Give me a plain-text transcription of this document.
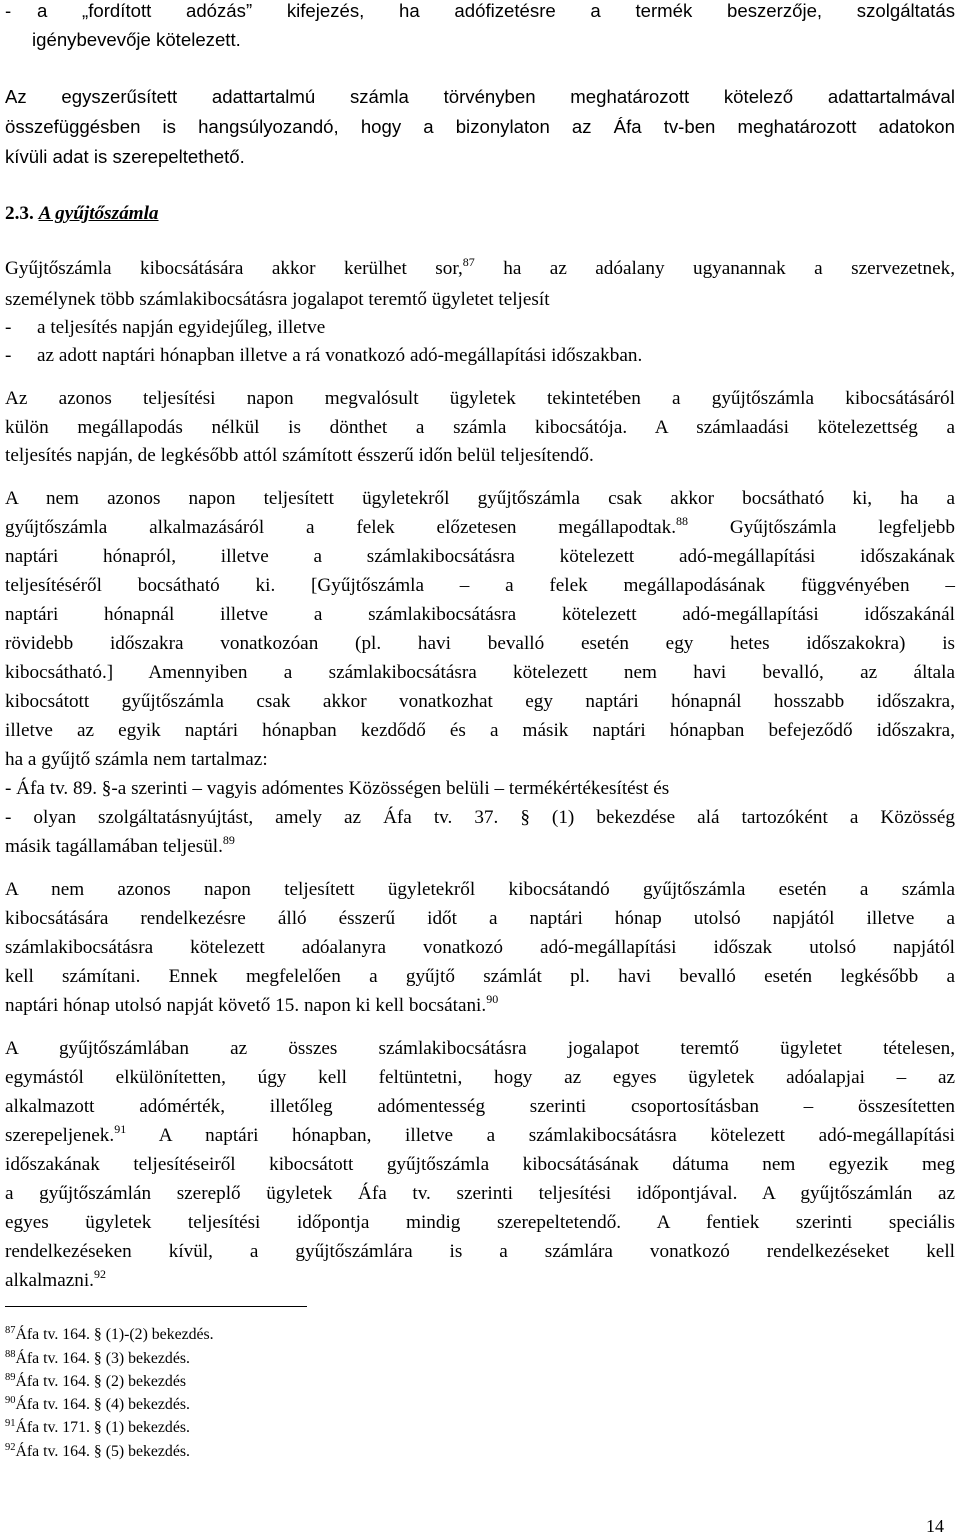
- a „fordított adózás” kifejezés, ha adófizetésre a termék beszerzője, szolgáltatás

igénybevevője kötelezett.

Az egyszerűsített adattartalmú számla törvényben meghatározott kötelező adattartalmával

összefüggésben is hangsúlyozandó, hogy a bizonylaton az Áfa tv-ben meghatározott adatokon

kívüli adat is szerepeltethető.

Gyűjtőszámla kibocsátására akkor kerülhet sor,$^{87}$ ha az adóalany ugyanannak a szervezetnek,

személynek több számlakibocsátásra jogalapot teremtő ügyletet teljesít

- a teljesítés napján egyidejűleg, illetve

- az adott naptári hónapban illetve a rá vonatkozó adó-megállapítási időszakban.

Az azonos teljesítési napon megvalósult ügyletek tekintetében a gyűjtőszámla kibocsátásáról

külön megállapodás nélkül is dönthet a számla kibocsátója. A számlaadási kötelezettség a

teljesítés napján, de legkésőbb attól számított ésszerű időn belül teljesítendő.

A nem azonos napon teljesített ügyletekről gyűjtőszámla csak akkor bocsátható ki, ha a

gyűjtőszámla alkalmazásáról a felek előzetesen megállapodtak.$^{88}$ Gyűjtőszámla legfeljebb

naptári hónapról, illetve a számlakibocsátásra kötelezett adó-megállapítási időszakának

teljesítéséről bocsátható ki. [Gyűjtőszámla – a felek megállapodásának függvényében –

naptári hónapnál illetve a számlakibocsátásra kötelezett adó-megállapítási időszakánál

rövidebb időszakra vonatkozóan (pl. havi bevalló esetén egy hetes időszakokra) is

kibocsátható.] Amennyiben a számlakibocsátásra kötelezett nem havi bevalló, az általa

kibocsátott gyűjtőszámla csak akkor vonatkozhat egy naptári hónapnál hosszabb időszakra,

illetve az egyik naptári hónapban kezdődő és a másik naptári hónapban befejeződő időszakra,

ha a gyűjtő számla nem tartalmaz:

- Áfa tv. 89. §-a szerinti – vagyis adómentes Közösségen belüli – termékértékesítést és

- olyan szolgáltatásnyújtást, amely az Áfa tv. 37. § (1) bekezdése alá tartozóként a Közösség

másik tagállamában teljesül.$^{89}$

A nem azonos napon teljesített ügyletekről kibocsátandó gyűjtőszámla esetén a számla

kibocsátására rendelkezésre álló ésszerű időt a naptári hónap utolsó napjától illetve a

számlakibocsátásra kötelezett adóalanyra vonatkozó adó-megállapítási időszak utolsó napjától

kell számítani. Ennek megfelelően a gyűjtő számlát pl. havi bevalló esetén legkésőbb a

naptári hónap utolsó napját követő 15. napon ki kell bocsátani.$^{90}$

A gyűjtőszámlában az összes számlakibocsátásra jogalapot teremtő ügyletet tételesen,

egymástól elkülönítetten, úgy kell feltüntetni, hogy az egyes ügyletek adóalapjai – az

alkalmazott adómérték, illetőleg adómentesség szerinti csoportosításban – összesítetten

szerepeljenek.$^{91}$ A naptári hónapban, illetve a számlakibocsátásra kötelezett adó-megállapítási

időszakának teljesítéseiről kibocsátott gyűjtőszámla kibocsátásának dátuma nem egyezik meg

a gyűjtőszámlán szereplő ügyletek Áfa tv. szerinti teljesítési időpontjával. A gyűjtőszámlán az

egyes ügyletek teljesítési időpontja mindig szerepeltetendő. A fentiek szerinti speciális

rendelkezéseken kívül, a gyűjtőszámlára is a számlára vonatkozó rendelkezéseket kell

alkalmazni.$^{92}$

2.3. A gyűjtőszámla

$^{87}$Áfa tv. 164. § (1)-(2) bekezdés.

$^{88}$Áfa tv. 164. § (3) bekezdés.

$^{89}$Áfa tv. 164. § (2) bekezdés

$^{90}$Áfa tv. 164. § (4) bekezdés.

$^{91}$Áfa tv. 171. § (1) bekezdés.

$^{92}$Áfa tv. 164. § (5) bekezdés.

14
